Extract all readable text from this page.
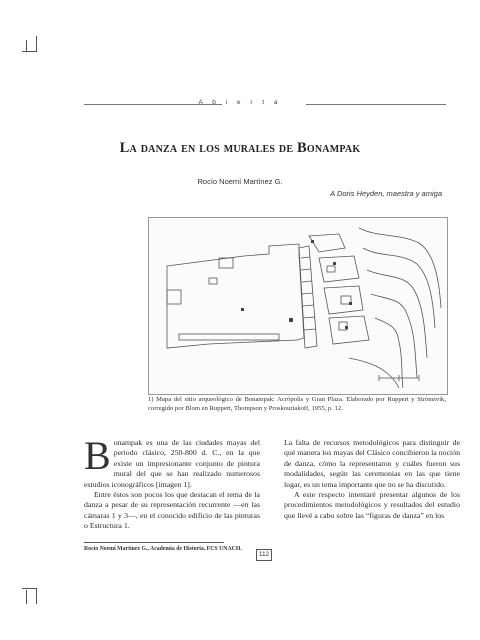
A b i e r t a
La danza en los murales de Bonampak
Rocío Noemí Martínez G.
A Doris Heyden, maestra y amiga
1) Mapa del sitio arqueológico de Bonampak: Acrópolis y Gran Plaza. Elaborado por Ruppert y Strómsvik, corregido por Blom en Ruppert, Thompson y Proskouriakoff, 1955, p. 12.

Bonampak es una de las ciudades mayas del periodo clásico, 250-800 d. C., en la que existe un impresionante conjunto de pintura mural del que se han realizado numerosos estudios iconográficos [imagen 1].

Entre éstos son pocos los que destacan el tema de la danza a pesar de su representación recurrente —en las cámaras 1 y 3—, en el conocido edificio de las pinturas o Estructura 1.

La falta de recursos metodológicos para distinguir de qué manera los mayas del Clásico concibieron la noción de danza, cómo la representaron y cuáles fueron sus modalidades, según las ceremonias en las que tiene lugar, es un tema importante que no se ha discutido.

A este respecto intentaré presentar algunos de los procedimientos metodológicos y resultados del estudio que llevé a cabo sobre las “figuras de danza” en los

Rocío Noemí Martínez G., Academia de Historia, FCS UNACH.
112
